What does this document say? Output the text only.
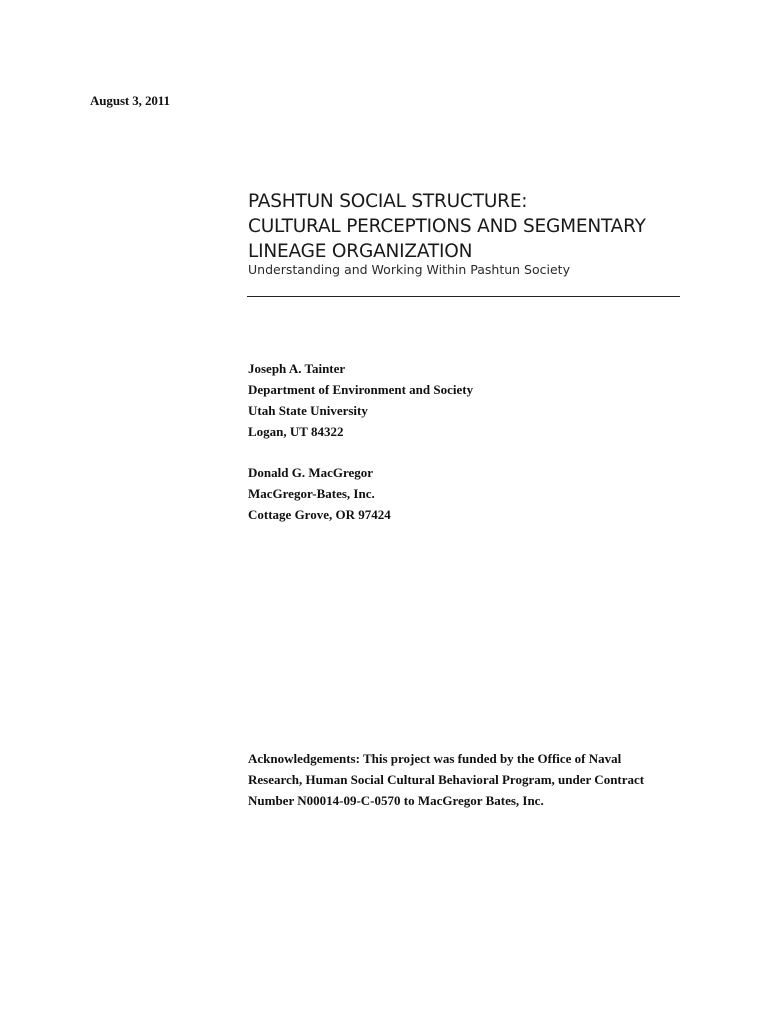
August 3, 2011
PASHTUN SOCIAL STRUCTURE:
CULTURAL PERCEPTIONS AND SEGMENTARY
LINEAGE ORGANIZATION
Understanding and Working Within Pashtun Society
Joseph A. Tainter
Department of Environment and Society
Utah State University
Logan, UT 84322
Donald G. MacGregor
MacGregor-Bates, Inc.
Cottage Grove, OR 97424
Acknowledgements: This project was funded by the Office of Naval
Research, Human Social Cultural Behavioral Program, under Contract
Number N00014-09-C-0570 to MacGregor Bates, Inc.
